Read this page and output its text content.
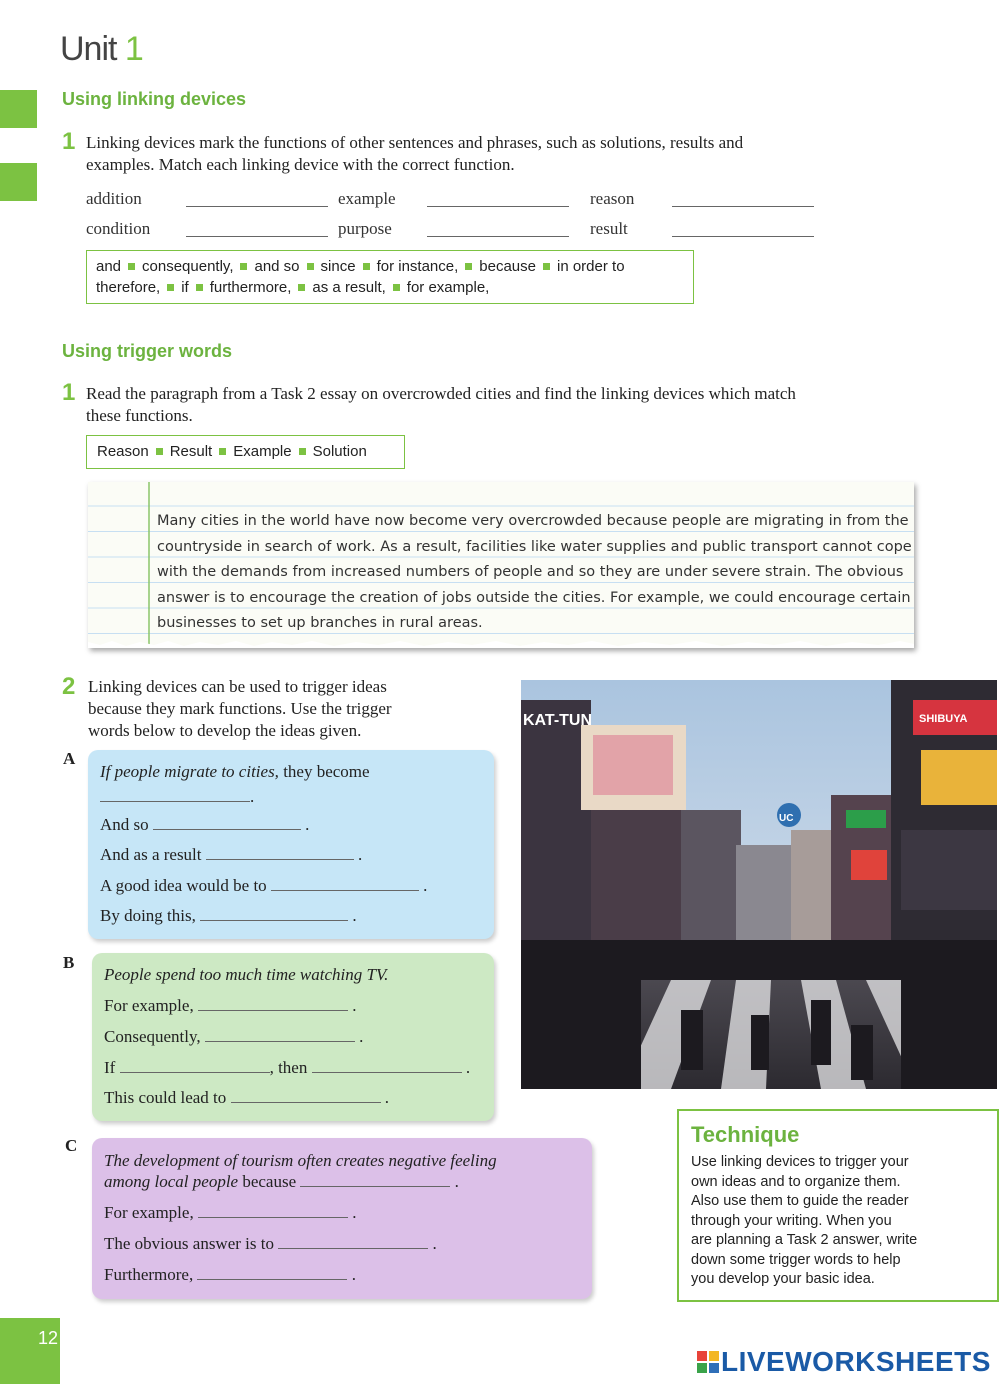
Unit 1
Using linking devices
1 Linking devices mark the functions of other sentences and phrases, such as solutions, results and examples. Match each linking device with the correct function.
addition	example	reason
condition	purpose	result
and consequently, and so since for instance, because in order to
therefore, if furthermore, as a result, for example,
Using trigger words
1 Read the paragraph from a Task 2 essay on overcrowded cities and find the linking devices which match these functions.
Reason Result Example Solution
Many cities in the world have now become very overcrowded because people are migrating in from the
countryside in search of work. As a result, facilities like water supplies and public transport cannot cope
with the demands from increased numbers of people and so they are under severe strain. The obvious
answer is to encourage the creation of jobs outside the cities. For example, we could encourage certain
businesses to set up branches in rural areas.
2 Linking devices can be used to trigger ideas
because they mark functions. Use the trigger
words below to develop the ideas given.
A
If people migrate to cities, they become
.
And so	.
And as a result	.
A good idea would be to	.
By doing this,	.
B
People spend too much time watching TV.
For example,	.
Consequently,	.
If	, then	.
This could lead to	.
C
The development of tourism often creates negative feeling
among local people because	.
For example,	.
The obvious answer is to	.
Furthermore,	.
KAT-TUN
UC
SHIBUYA
Technique
Use linking devices to trigger your
own ideas and to organize them.
Also use them to guide the reader
through your writing. When you
are planning a Task 2 answer, write
down some trigger words to help
you develop your basic idea.
12
LIVEWORKSHEETS
